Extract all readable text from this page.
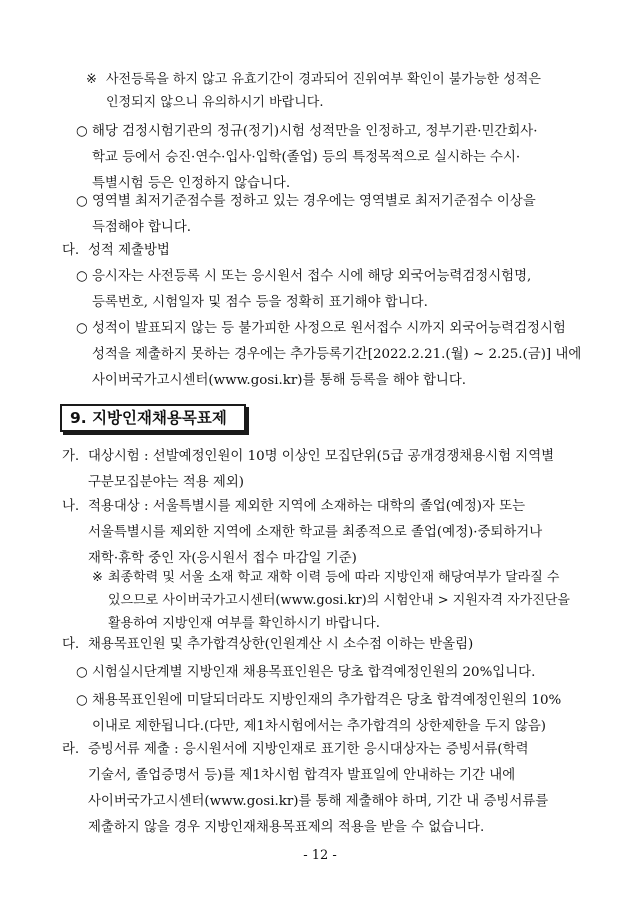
※ 사전등록을 하지 않고 유효기간이 경과되어 진위여부 확인이 불가능한 성적은
인정되지 않으니 유의하시기 바랍니다.
○ 해당 검정시험기관의 정규(정기)시험 성적만을 인정하고, 정부기관·민간회사·
학교 등에서 승진·연수·입사·입학(졸업) 등의 특정목적으로 실시하는 수시·
특별시험 등은 인정하지 않습니다.
○ 영역별 최저기준점수를 정하고 있는 경우에는 영역별로 최저기준점수 이상을
득점해야 합니다.
다. 성적 제출방법
○ 응시자는 사전등록 시 또는 응시원서 접수 시에 해당 외국어능력검정시험명,
등록번호, 시험일자 및 점수 등을 정확히 표기해야 합니다.
○ 성적이 발표되지 않는 등 불가피한 사정으로 원서접수 시까지 외국어능력검정시험
성적을 제출하지 못하는 경우에는 추가등록기간[2022.2.21.(월) ~ 2.25.(금)] 내에
사이버국가고시센터(www.gosi.kr)를 통해 등록을 해야 합니다.
9. 지방인재채용목표제
가. 대상시험 : 선발예정인원이 10명 이상인 모집단위(5급 공개경쟁채용시험 지역별
구분모집분야는 적용 제외)
나. 적용대상 : 서울특별시를 제외한 지역에 소재하는 대학의 졸업(예정)자 또는
서울특별시를 제외한 지역에 소재한 학교를 최종적으로 졸업(예정)·중퇴하거나
재학·휴학 중인 자(응시원서 접수 마감일 기준)
※ 최종학력 및 서울 소재 학교 재학 이력 등에 따라 지방인재 해당여부가 달라질 수
있으므로 사이버국가고시센터(www.gosi.kr)의 시험안내 > 지원자격 자가진단을
활용하여 지방인재 여부를 확인하시기 바랍니다.
다. 채용목표인원 및 추가합격상한(인원계산 시 소수점 이하는 반올림)
○ 시험실시단계별 지방인재 채용목표인원은 당초 합격예정인원의 20%입니다.
○ 채용목표인원에 미달되더라도 지방인재의 추가합격은 당초 합격예정인원의 10%
이내로 제한됩니다.(다만, 제1차시험에서는 추가합격의 상한제한을 두지 않음)
라. 증빙서류 제출 : 응시원서에 지방인재로 표기한 응시대상자는 증빙서류(학력
기술서, 졸업증명서 등)를 제1차시험 합격자 발표일에 안내하는 기간 내에
사이버국가고시센터(www.gosi.kr)를 통해 제출해야 하며, 기간 내 증빙서류를
제출하지 않을 경우 지방인재채용목표제의 적용을 받을 수 없습니다.
- 12 -
